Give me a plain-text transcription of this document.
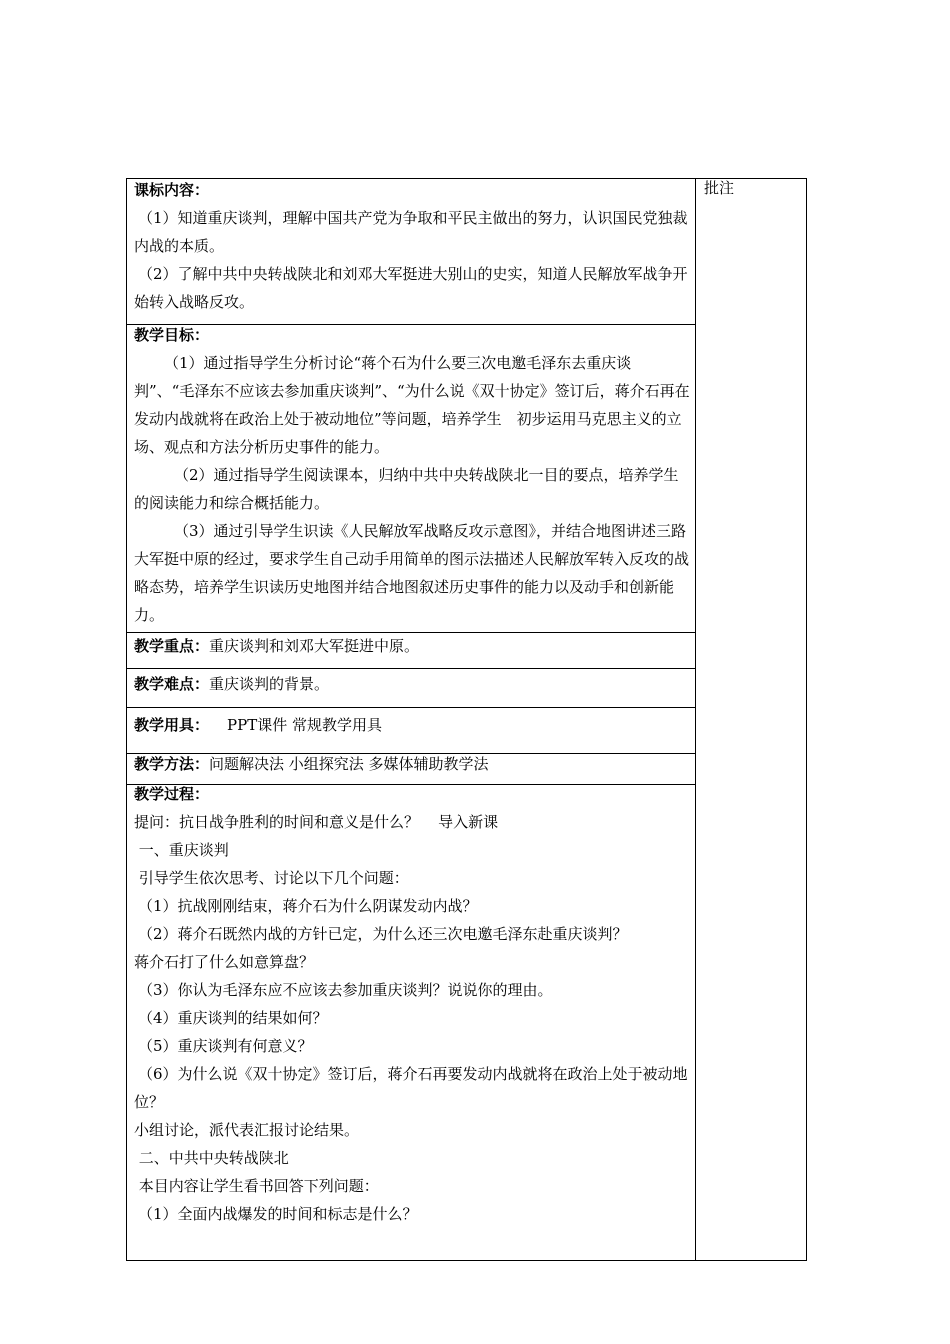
批注

课标内容：

（1）知道重庆谈判，理解中国共产党为争取和平民主做出的努力，认识国民党独裁内战的本质。

（2）了解中共中央转战陕北和刘邓大军挺进大别山的史实，知道人民解放军战争开始转入战略反攻。

教学目标：

（1）通过指导学生分析讨论“蒋个石为什么要三次电邀毛泽东去重庆谈判”、“毛泽东不应该去参加重庆谈判”、“为什么说《双十协定》签订后，蒋介石再在发动内战就将在政治上处于被动地位”等问题，培养学生　初步运用马克思主义的立场、观点和方法分析历史事件的能力。

（2）通过指导学生阅读课本，归纳中共中央转战陕北一目的要点，培养学生的阅读能力和综合概括能力。

（3）通过引导学生识读《人民解放军战略反攻示意图》，并结合地图讲述三路大军挺中原的经过，要求学生自己动手用简单的图示法描述人民解放军转入反攻的战略态势，培养学生识读历史地图并结合地图叙述历史事件的能力以及动手和创新能力。

教学重点：重庆谈判和刘邓大军挺进中原。

教学难点：重庆谈判的背景。

教学用具： PPT课件 常规教学用具

教学方法：问题解决法 小组探究法 多媒体辅助教学法

教学过程：

提问：抗日战争胜利的时间和意义是什么？    导入新课

一、重庆谈判

引导学生依次思考、讨论以下几个问题：

（1）抗战刚刚结束，蒋介石为什么阴谋发动内战？

（2）蒋介石既然内战的方针已定，为什么还三次电邀毛泽东赴重庆谈判？

蒋介石打了什么如意算盘？

（3）你认为毛泽东应不应该去参加重庆谈判？说说你的理由。

（4）重庆谈判的结果如何？

（5）重庆谈判有何意义？

（6）为什么说《双十协定》签订后，蒋介石再要发动内战就将在政治上处于被动地位？

小组讨论，派代表汇报讨论结果。

二、中共中央转战陕北

本目内容让学生看书回答下列问题：

（1）全面内战爆发的时间和标志是什么？
